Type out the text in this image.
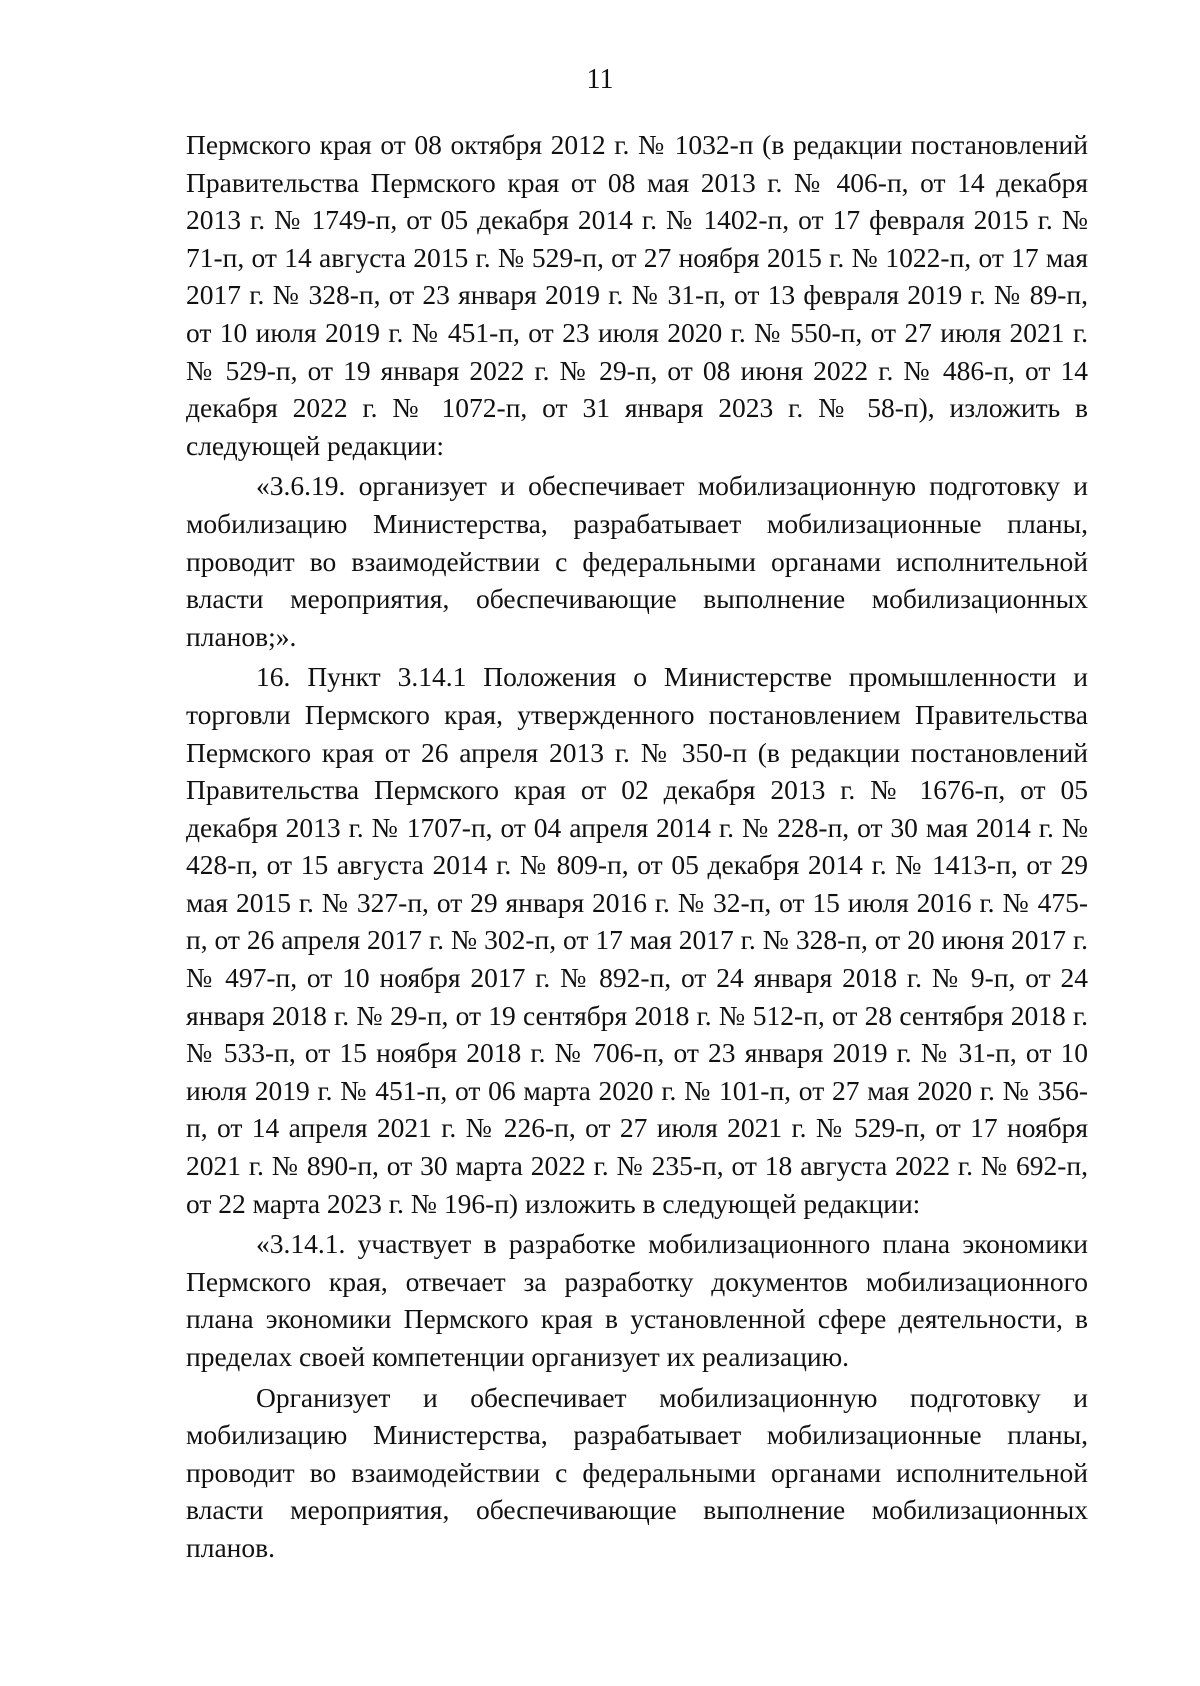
11

Пермского края от 08 октября 2012 г. № 1032-п (в редакции постановлений Правительства Пермского края от 08 мая 2013 г. № 406-п, от 14 декабря 2013 г. № 1749-п, от 05 декабря 2014 г. № 1402-п, от 17 февраля 2015 г. № 71-п, от 14 августа 2015 г. № 529-п, от 27 ноября 2015 г. № 1022-п, от 17 мая 2017 г. № 328-п, от 23 января 2019 г. № 31-п, от 13 февраля 2019 г. № 89-п, от 10 июля 2019 г. № 451-п, от 23 июля 2020 г. № 550-п, от 27 июля 2021 г. № 529-п, от 19 января 2022 г. № 29-п, от 08 июня 2022 г. № 486-п, от 14 декабря 2022 г. № 1072-п, от 31 января 2023 г. № 58-п), изложить в следующей редакции:

«3.6.19. организует и обеспечивает мобилизационную подготовку и мобилизацию Министерства, разрабатывает мобилизационные планы, проводит во взаимодействии с федеральными органами исполнительной власти мероприятия, обеспечивающие выполнение мобилизационных планов;».

16. Пункт 3.14.1 Положения о Министерстве промышленности и торговли Пермского края, утвержденного постановлением Правительства Пермского края от 26 апреля 2013 г. № 350-п (в редакции постановлений Правительства Пермского края от 02 декабря 2013 г. № 1676-п, от 05 декабря 2013 г. № 1707-п, от 04 апреля 2014 г. № 228-п, от 30 мая 2014 г. № 428-п, от 15 августа 2014 г. № 809-п, от 05 декабря 2014 г. № 1413-п, от 29 мая 2015 г. № 327-п, от 29 января 2016 г. № 32-п, от 15 июля 2016 г. № 475-п, от 26 апреля 2017 г. № 302-п, от 17 мая 2017 г. № 328-п, от 20 июня 2017 г. № 497-п, от 10 ноября 2017 г. № 892-п, от 24 января 2018 г. № 9-п, от 24 января 2018 г. № 29-п, от 19 сентября 2018 г. № 512-п, от 28 сентября 2018 г. № 533-п, от 15 ноября 2018 г. № 706-п, от 23 января 2019 г. № 31-п, от 10 июля 2019 г. № 451-п, от 06 марта 2020 г. № 101-п, от 27 мая 2020 г. № 356-п, от 14 апреля 2021 г. № 226-п, от 27 июля 2021 г. № 529-п, от 17 ноября 2021 г. № 890-п, от 30 марта 2022 г. № 235-п, от 18 августа 2022 г. № 692-п, от 22 марта 2023 г. № 196-п) изложить в следующей редакции:

«3.14.1. участвует в разработке мобилизационного плана экономики Пермского края, отвечает за разработку документов мобилизационного плана экономики Пермского края в установленной сфере деятельности, в пределах своей компетенции организует их реализацию.

Организует и обеспечивает мобилизационную подготовку и мобилизацию Министерства, разрабатывает мобилизационные планы, проводит во взаимодействии с федеральными органами исполнительной власти мероприятия, обеспечивающие выполнение мобилизационных планов.
